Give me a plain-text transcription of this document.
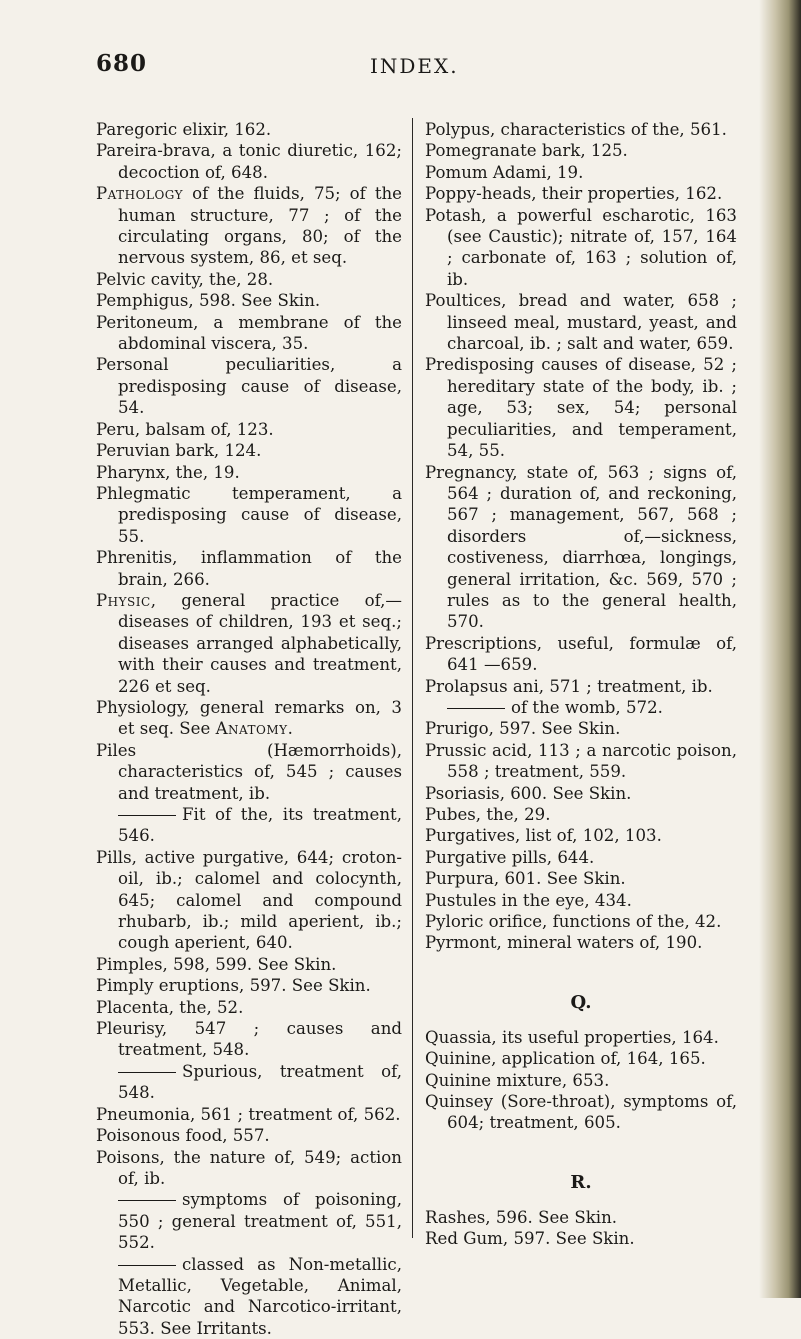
680	INDEX.

Paregoric elixir, 162.

Pareira-brava, a tonic diuretic, 162; decoction of, 648.

Pathology of the fluids, 75; of the human structure, 77 ; of the circulating organs, 80; of the nervous system, 86, et seq.

Pelvic cavity, the, 28.

Pemphigus, 598. See Skin.

Peritoneum, a membrane of the abdominal viscera, 35.

Personal peculiarities, a predisposing cause of disease, 54.

Peru, balsam of, 123.

Peruvian bark, 124.

Pharynx, the, 19.

Phlegmatic temperament, a predisposing cause of disease, 55.

Phrenitis, inflammation of the brain, 266.

Physic, general practice of,—diseases of children, 193 et seq.; diseases arranged alphabetically, with their causes and treatment, 226 et seq.

Physiology, general remarks on, 3 et seq. See Anatomy.

Piles (Hæmorrhoids), characteristics of, 545 ; causes and treatment, ib.

Fit of the, its treatment, 546.

Pills, active purgative, 644; croton-oil, ib.; calomel and colocynth, 645; calomel and compound rhubarb, ib.; mild aperient, ib.; cough aperient, 640.

Pimples, 598, 599. See Skin.

Pimply eruptions, 597. See Skin.

Placenta, the, 52.

Pleurisy, 547 ; causes and treatment, 548.

Spurious, treatment of, 548.

Pneumonia, 561 ; treatment of, 562.

Poisonous food, 557.

Poisons, the nature of, 549; action of, ib.

symptoms of poisoning, 550 ; general treatment of, 551, 552.

classed as Non-metallic, Metallic, Vegetable, Animal, Narcotic and Narcotico-irritant, 553. See Irritants.

Polypus, characteristics of the, 561.

Pomegranate bark, 125.

Pomum Adami, 19.

Poppy-heads, their properties, 162.

Potash, a powerful escharotic, 163 (see Caustic); nitrate of, 157, 164 ; carbonate of, 163 ; solution of, ib.

Poultices, bread and water, 658 ; linseed meal, mustard, yeast, and charcoal, ib. ; salt and water, 659.

Predisposing causes of disease, 52 ; hereditary state of the body, ib. ; age, 53; sex, 54; personal peculiarities, and temperament, 54, 55.

Pregnancy, state of, 563 ; signs of, 564 ; duration of, and reckoning, 567 ; management, 567, 568 ; disorders of,—sickness, costiveness, diarrhœa, longings, general irritation, &c. 569, 570 ; rules as to the general health, 570.

Prescriptions, useful, formulæ of, 641 —659.

Prolapsus ani, 571 ; treatment, ib.

of the womb, 572.

Prurigo, 597. See Skin.

Prussic acid, 113 ; a narcotic poison, 558 ; treatment, 559.

Psoriasis, 600. See Skin.

Pubes, the, 29.

Purgatives, list of, 102, 103.

Purgative pills, 644.

Purpura, 601. See Skin.

Pustules in the eye, 434.

Pyloric orifice, functions of the, 42.

Pyrmont, mineral waters of, 190.

Q.

Quassia, its useful properties, 164.

Quinine, application of, 164, 165.

Quinine mixture, 653.

Quinsey (Sore-throat), symptoms of, 604; treatment, 605.

R.

Rashes, 596. See Skin.

Red Gum, 597. See Skin.
